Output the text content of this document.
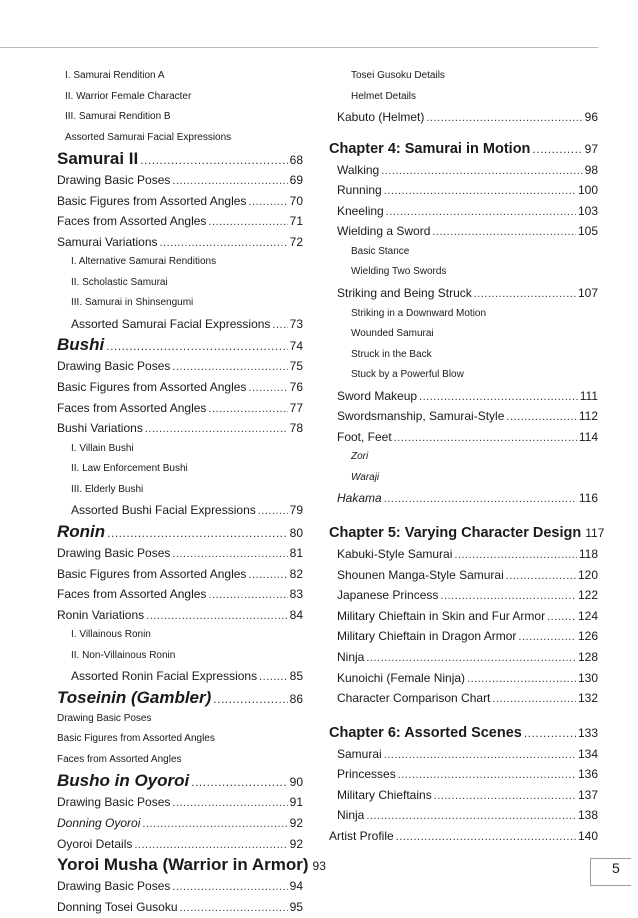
I. Samurai Rendition A
II. Warrior Female Character
III. Samurai Rendition B
Assorted Samurai Facial Expressions
Samurai II .....	68
Drawing Basic Poses .....	69
Basic Figures from Assorted Angles .....	70
Faces from Assorted Angles .....	71
Samurai Variations .....	72
I. Alternative Samurai Renditions
II. Scholastic Samurai
III. Samurai in Shinsengumi
Assorted Samurai Facial Expressions ..... 73
Bushi .....	74
Drawing Basic Poses .....	75
Basic Figures from Assorted Angles .....	76
Faces from Assorted Angles .....	77
Bushi Variations .....	78
I. Villain Bushi
II. Law Enforcement Bushi
III. Elderly Bushi
Assorted Bushi Facial Expressions .....	79
Ronin .....	80
Drawing Basic Poses .....	81
Basic Figures from Assorted Angles .....	82
Faces from Assorted Angles .....	83
Ronin Variations .....	84
I. Villainous Ronin
II. Non-Villainous Ronin
Assorted Ronin Facial Expressions .....	85
Toseinin (Gambler) .....	86
Drawing Basic Poses
Basic Figures from Assorted Angles
Faces from Assorted Angles
Busho in Oyoroi .....	90
Drawing Basic Poses .....	91
Donning Oyoroi .....	92
Oyoroi Details .....	92
Yoroi Musha (Warrior in Armor) 93
Drawing Basic Poses .....	94
Donning Tosei Gusoku .....	95
Tosei Gusoku Details
Helmet Details
Kabuto (Helmet) .....	96
Chapter 4: Samurai in Motion .....	97
Walking .....	98
Running .....	100
Kneeling .....	103
Wielding a Sword .....	105
Basic Stance
Wielding Two Swords
Striking and Being Struck .....	107
Striking in a Downward Motion
Wounded Samurai
Struck in the Back
Stuck by a Powerful Blow
Sword Makeup .....	111
Swordsmanship, Samurai-Style .....	112
Foot, Feet .....	114
Zori
Waraji
Hakama .....	116
Chapter 5: Varying Character Design 117
Kabuki-Style Samurai .....	118
Shounen Manga-Style Samurai .....	120
Japanese Princess .....	122
Military Chieftain in Skin and Fur Armor .....	124
Military Chieftain in Dragon Armor .....	126
Ninja .....	128
Kunoichi (Female Ninja) .....	130
Character Comparison Chart .....	132
Chapter 6: Assorted Scenes .....	133
Samurai .....	134
Princesses .....	136
Military Chieftains .....	137
Ninja .....	138
Artist Profile .....	140
5
